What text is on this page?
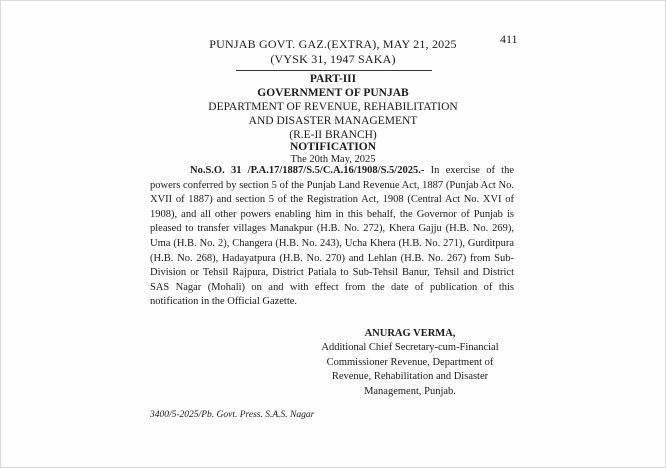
PUNJAB GOVT. GAZ.(EXTRA), MAY 21, 2025
(VYSK 31, 1947 SAKA)
411
PART-III
GOVERNMENT OF PUNJAB
DEPARTMENT OF REVENUE, REHABILITATION
AND DISASTER MANAGEMENT
(R.E-II BRANCH)
NOTIFICATION
The 20th May, 2025

No.S.O. 31 /P.A.17/1887/S.5/C.A.16/1908/S.5/2025.- In exercise of the powers conferred by section 5 of the Punjab Land Revenue Act, 1887 (Punjab Act No. XVII of 1887) and section 5 of the Registration Act, 1908 (Central Act No. XVI of 1908), and all other powers enabling him in this behalf, the Governor of Punjab is pleased to transfer villages Manakpur (H.B. No. 272), Khera Gajju (H.B. No. 269), Uma (H.B. No. 2), Changera (H.B. No. 243), Ucha Khera (H.B. No. 271), Gurditpura (H.B. No. 268), Hadayatpura (H.B. No. 270) and Lehlan (H.B. No. 267) from Sub-Division or Tehsil Rajpura, District Patiala to Sub-Tehsil Banur, Tehsil and District SAS Nagar (Mohali) on and with effect from the date of publication of this notification in the Official Gazette.

ANURAG VERMA,
Additional Chief Secretary-cum-Financial
Commissioner Revenue, Department of
Revenue, Rehabilitation and Disaster
Management, Punjab.
3400/5-2025/Pb. Govt. Press. S.A.S. Nagar
